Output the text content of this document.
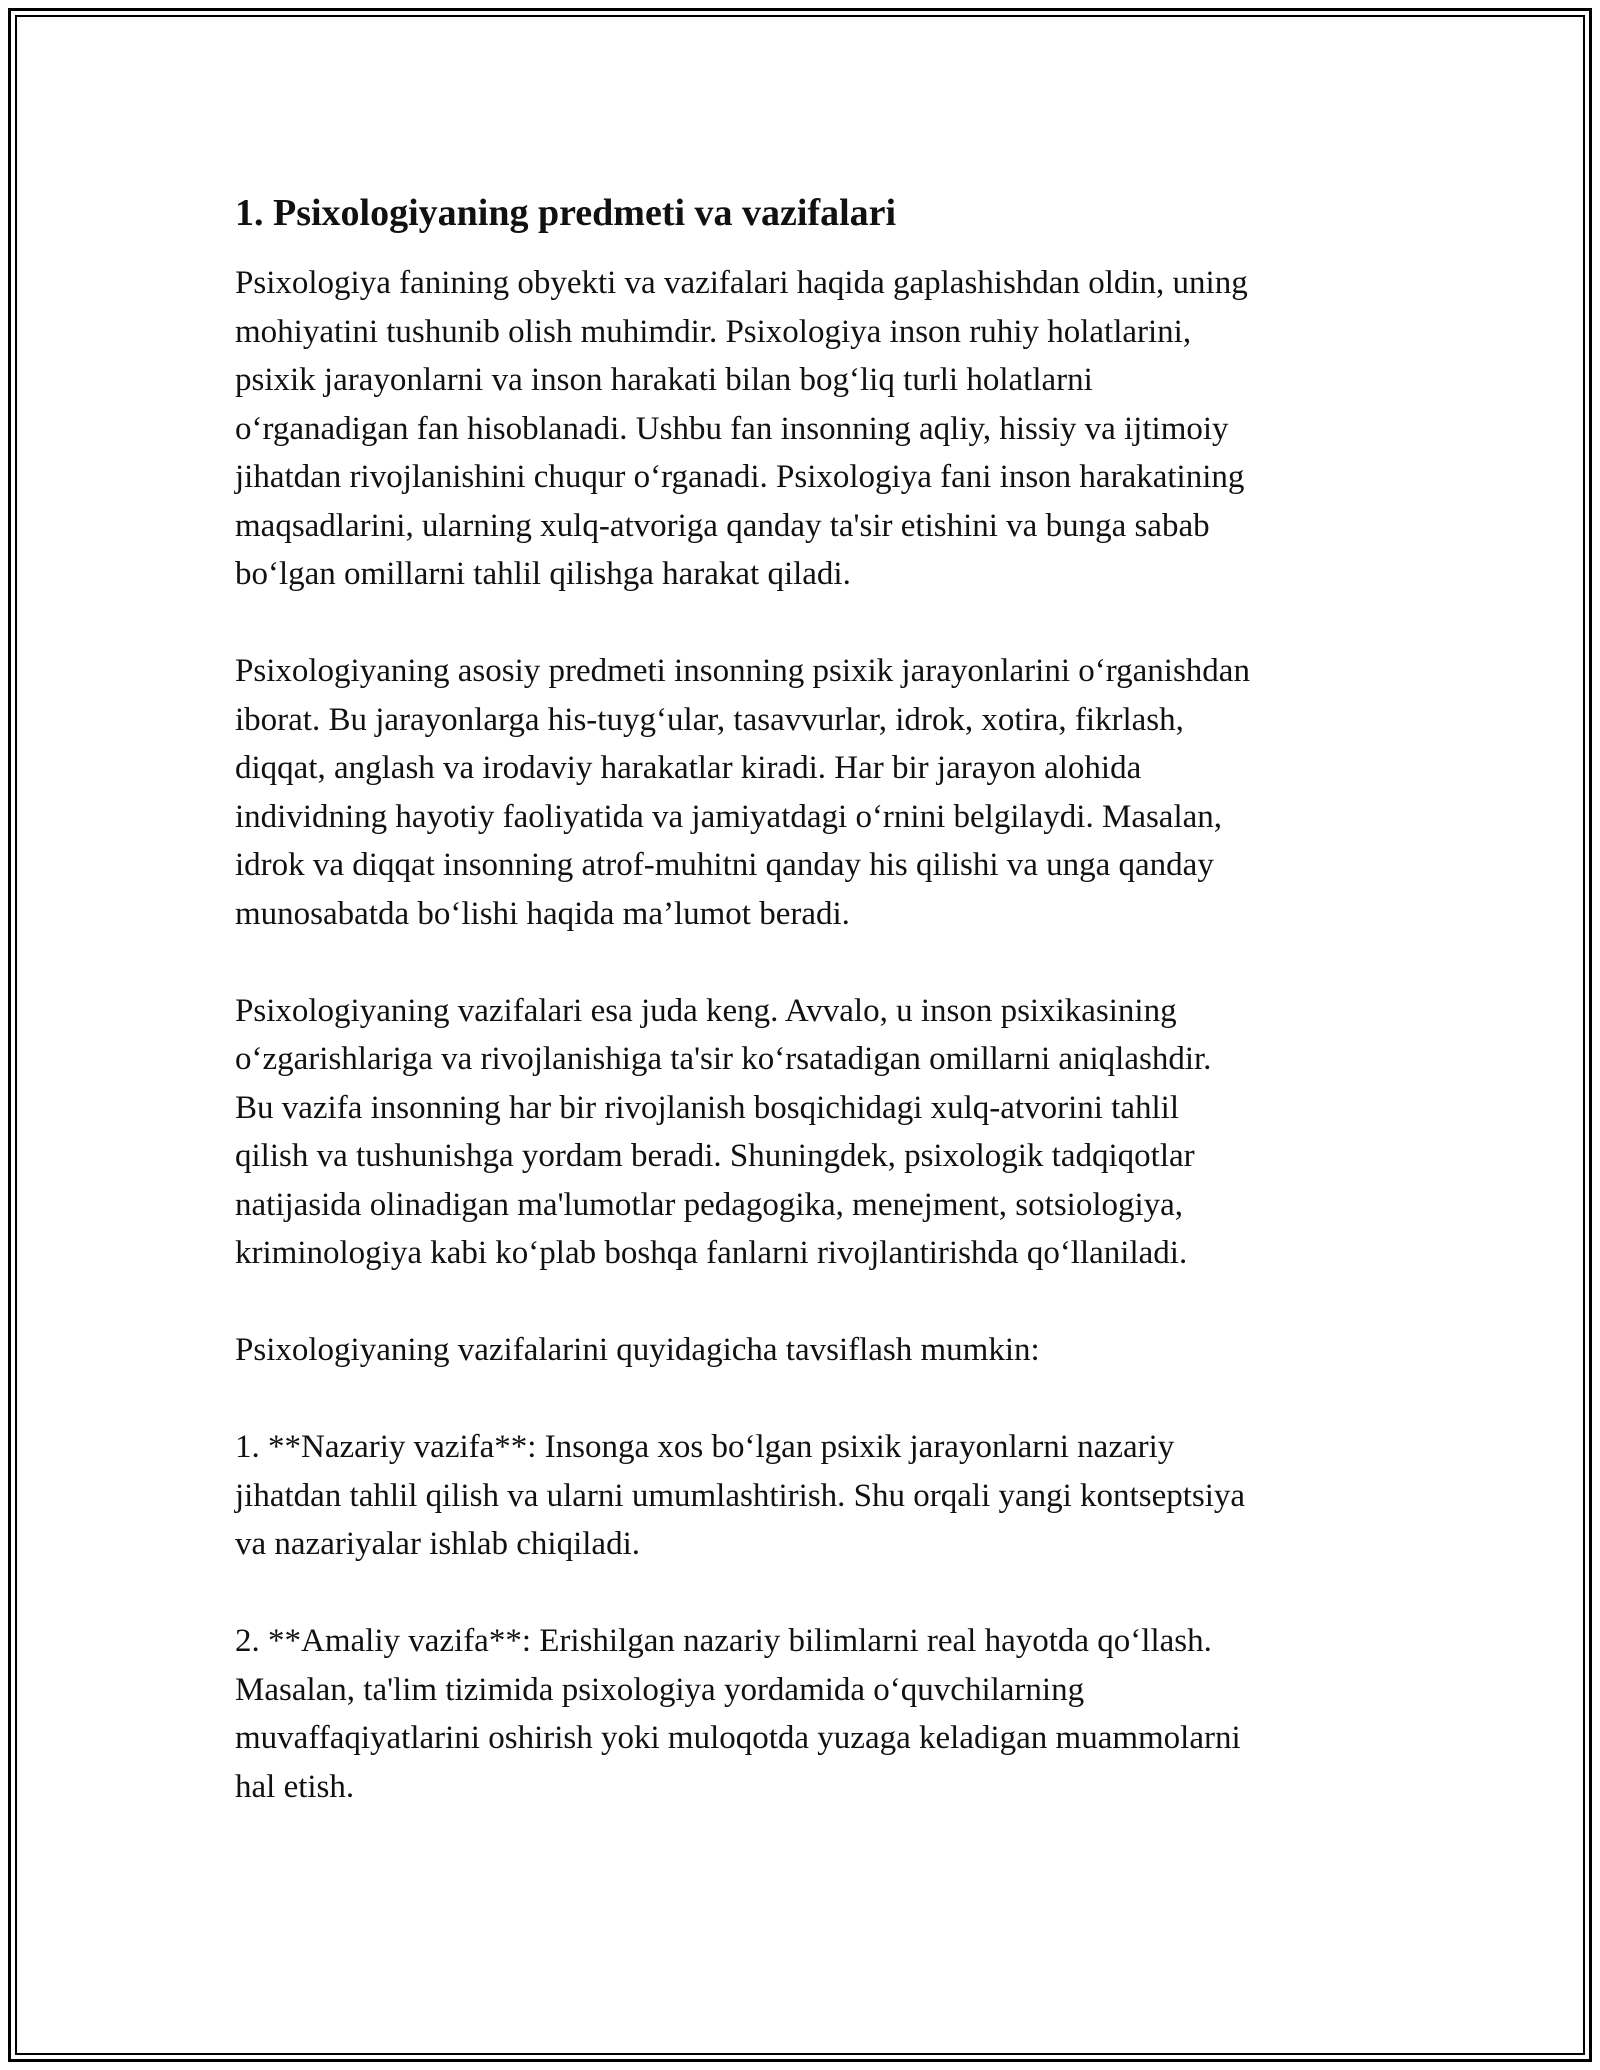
1. Psixologiyaning predmeti va vazifalari

Psixologiya fanining obyekti va vazifalari haqida gaplashishdan oldin, uning
mohiyatini tushunib olish muhimdir. Psixologiya inson ruhiy holatlarini,
psixik jarayonlarni va inson harakati bilan bog‘liq turli holatlarni
o‘rganadigan fan hisoblanadi. Ushbu fan insonning aqliy, hissiy va ijtimoiy
jihatdan rivojlanishini chuqur o‘rganadi. Psixologiya fani inson harakatining
maqsadlarini, ularning xulq-atvoriga qanday ta'sir etishini va bunga sabab
bo‘lgan omillarni tahlil qilishga harakat qiladi.

Psixologiyaning asosiy predmeti insonning psixik jarayonlarini o‘rganishdan
iborat. Bu jarayonlarga his-tuyg‘ular, tasavvurlar, idrok, xotira, fikrlash,
diqqat, anglash va irodaviy harakatlar kiradi. Har bir jarayon alohida
individning hayotiy faoliyatida va jamiyatdagi o‘rnini belgilaydi. Masalan,
idrok va diqqat insonning atrof-muhitni qanday his qilishi va unga qanday
munosabatda bo‘lishi haqida ma’lumot beradi.

Psixologiyaning vazifalari esa juda keng. Avvalo, u inson psixikasining
o‘zgarishlariga va rivojlanishiga ta'sir ko‘rsatadigan omillarni aniqlashdir.
Bu vazifa insonning har bir rivojlanish bosqichidagi xulq-atvorini tahlil
qilish va tushunishga yordam beradi. Shuningdek, psixologik tadqiqotlar
natijasida olinadigan ma'lumotlar pedagogika, menejment, sotsiologiya,
kriminologiya kabi ko‘plab boshqa fanlarni rivojlantirishda qo‘llaniladi.

Psixologiyaning vazifalarini quyidagicha tavsiflash mumkin:

1. **Nazariy vazifa**: Insonga xos bo‘lgan psixik jarayonlarni nazariy
jihatdan tahlil qilish va ularni umumlashtirish. Shu orqali yangi kontseptsiya
va nazariyalar ishlab chiqiladi.

2. **Amaliy vazifa**: Erishilgan nazariy bilimlarni real hayotda qo‘llash.
Masalan, ta'lim tizimida psixologiya yordamida o‘quvchilarning
muvaffaqiyatlarini oshirish yoki muloqotda yuzaga keladigan muammolarni
hal etish.
